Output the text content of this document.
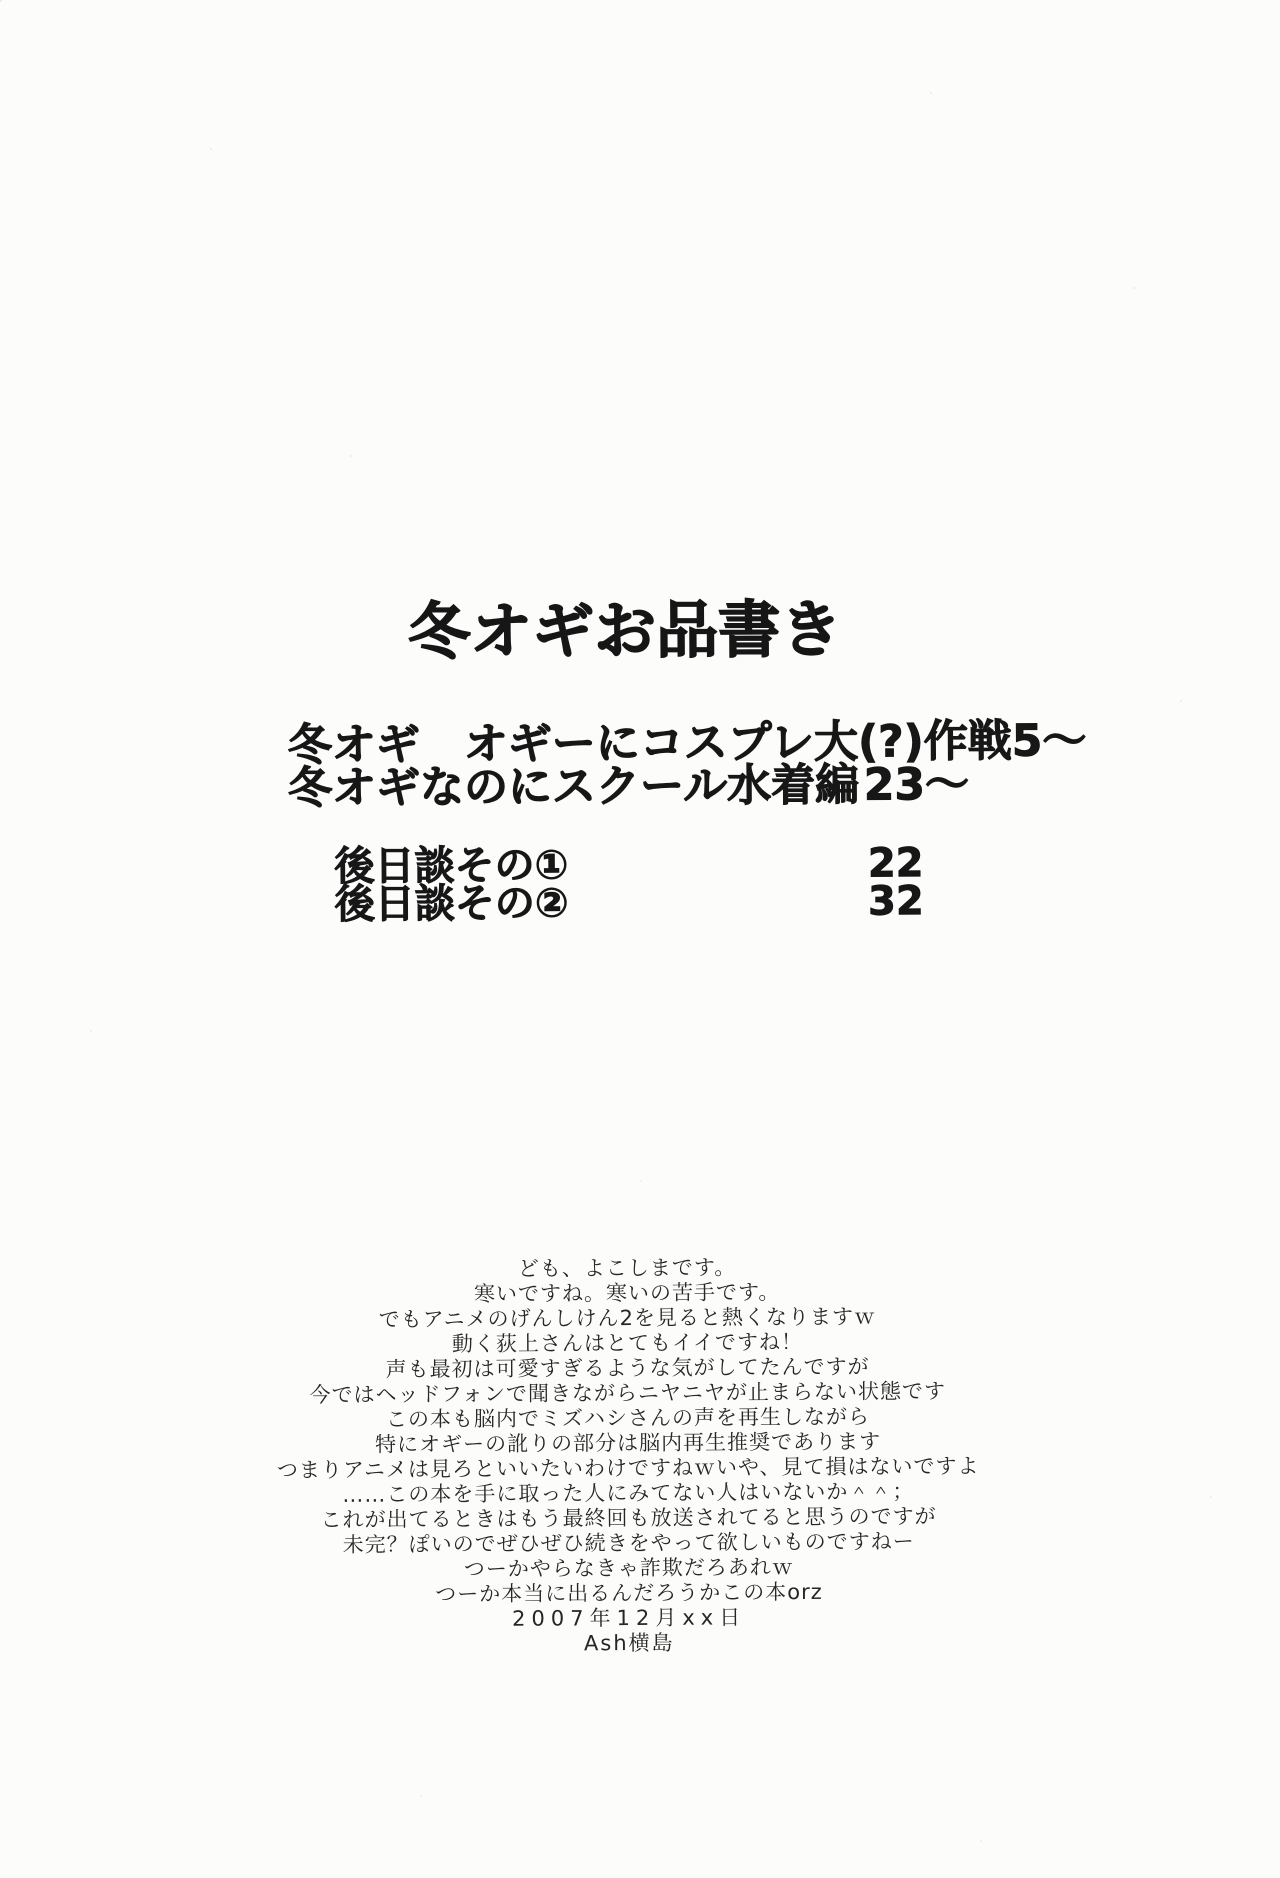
冬オギお品書き
冬オギ　オギーにコスプレ大(?)作戦 5〜
冬オギなのにスクール水着編 23〜
後日談その①	22
後日談その②	32

ども、よこしまです。

寒いですね。寒いの苦手です。

でもアニメのげんしけん2を見ると熱くなりますｗ

動く荻上さんはとてもイイですね！

声も最初は可愛すぎるような気がしてたんですが

今ではヘッドフォンで聞きながらニヤニヤが止まらない状態です

この本も脳内でミズハシさんの声を再生しながら

特にオギーの訛りの部分は脳内再生推奨であります

つまりアニメは見ろといいたいわけですねｗいや、見て損はないですよ

……この本を手に取った人にみてない人はいないか＾＾；

これが出てるときはもう最終回も放送されてると思うのですが

未完？ぽいのでぜひぜひ続きをやって欲しいものですねー

つーかやらなきゃ詐欺だろあれｗ

つーか本当に出るんだろうかこの本orz

2007年12月xx日

Ash横島
